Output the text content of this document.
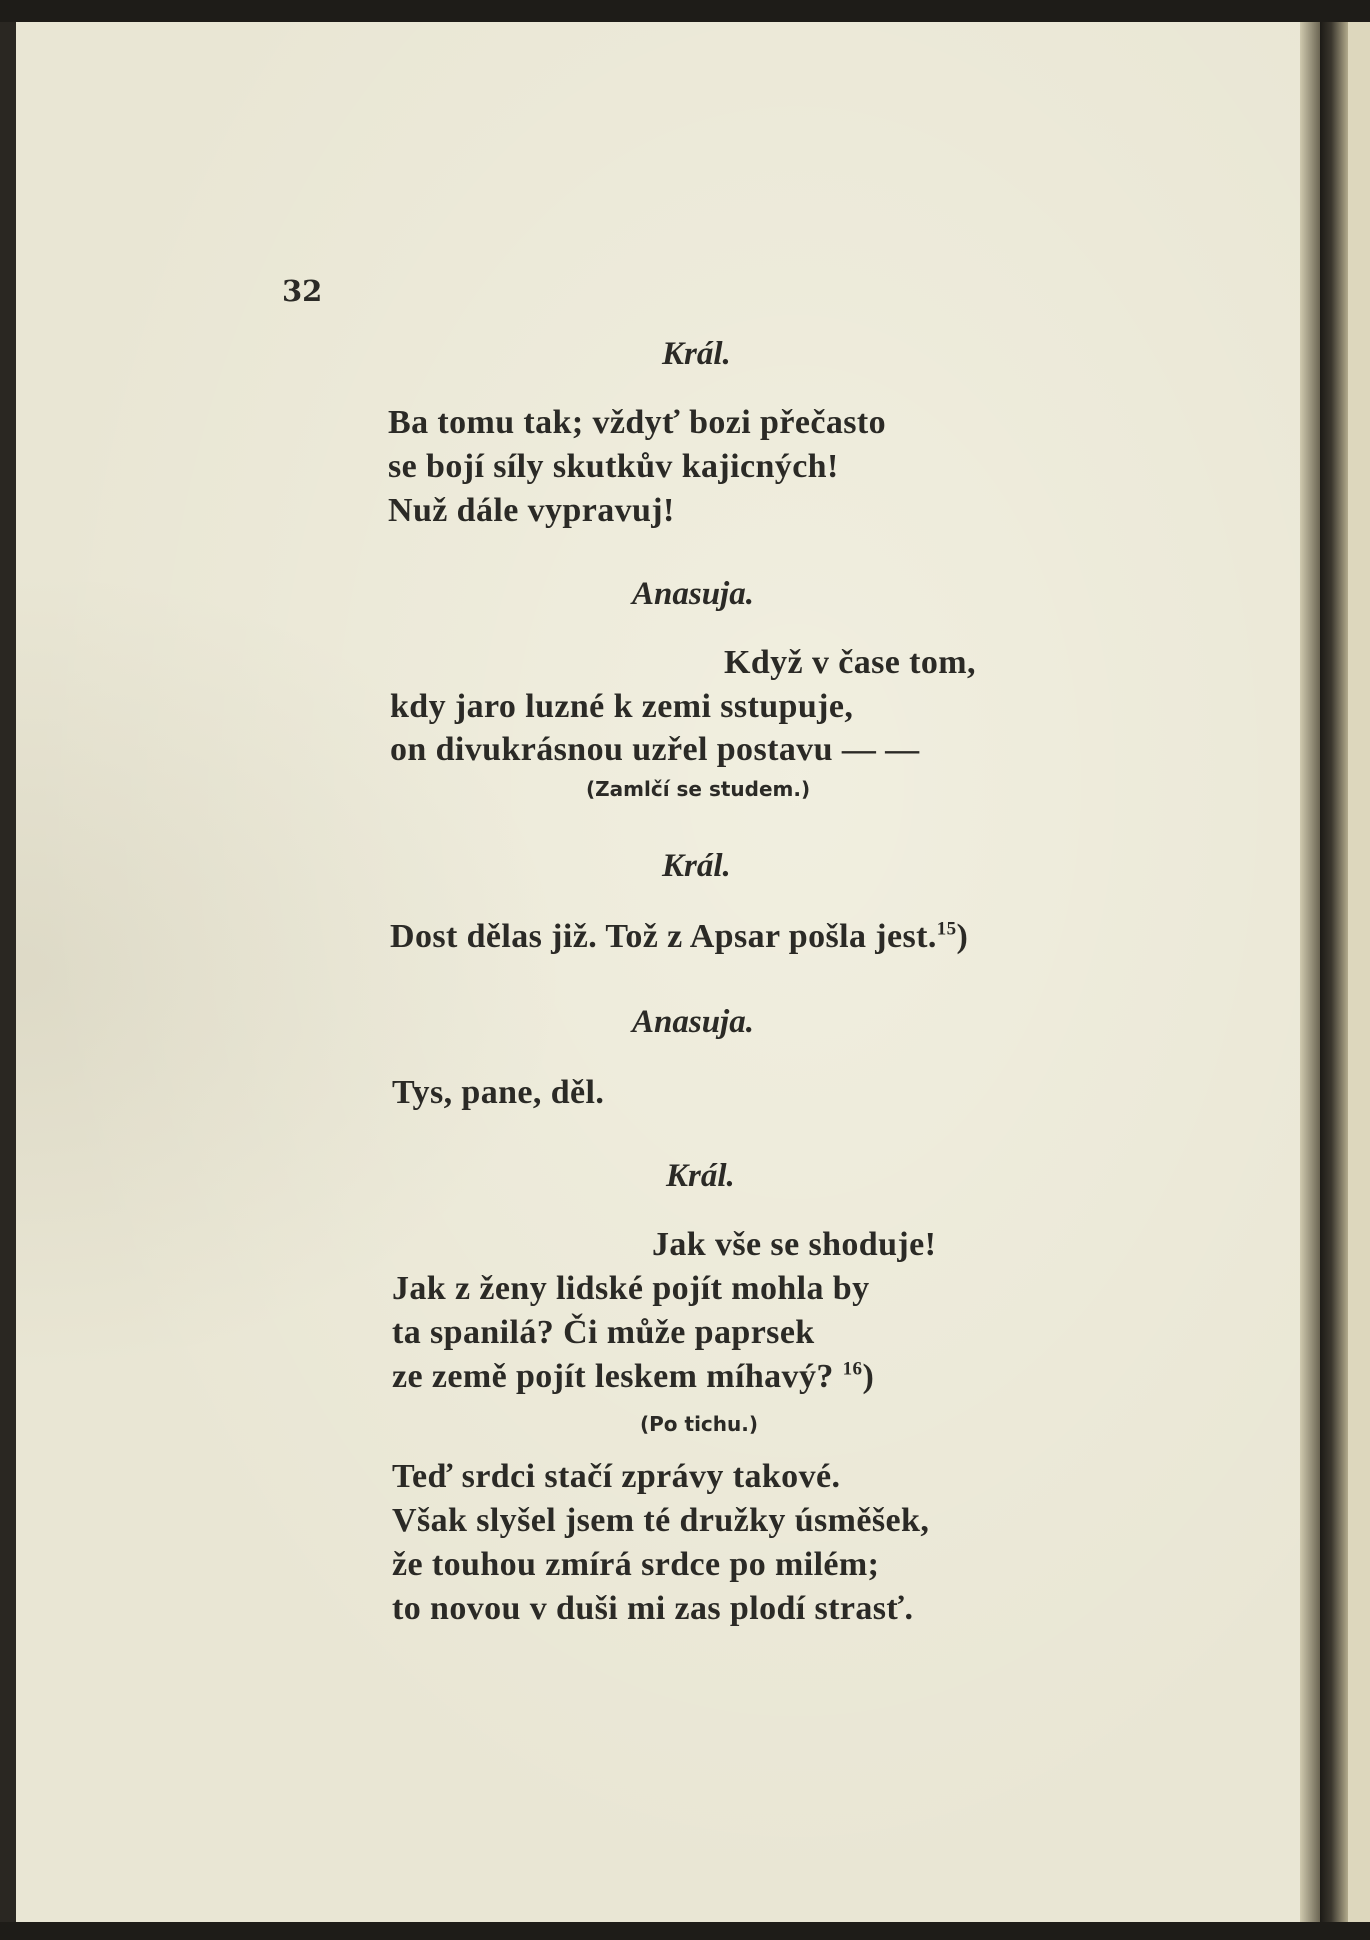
32

Král.

Ba tomu tak; vždyť bozi přečasto

se bojí síly skutkův kajicných!

Nuž dále vypravuj!

Anasuja.

Když v čase tom,

kdy jaro luzné k zemi sstupuje,

on divukrásnou uzřel postavu — —

(Zamlčí se studem.)

Král.

Dost dělas již. Tož z Apsar pošla jest.$^{15}$)

Anasuja.

Tys, pane, děl.

Král.

Jak vše se shoduje!

Jak z ženy lidské pojít mohla by

ta spanilá? Či může paprsek

ze země pojít leskem míhavý? $^{16}$)

(Po tichu.)

Teď srdci stačí zprávy takové.

Však slyšel jsem té družky úsměšek,

že touhou zmírá srdce po milém;

to novou v duši mi zas plodí strasť.
